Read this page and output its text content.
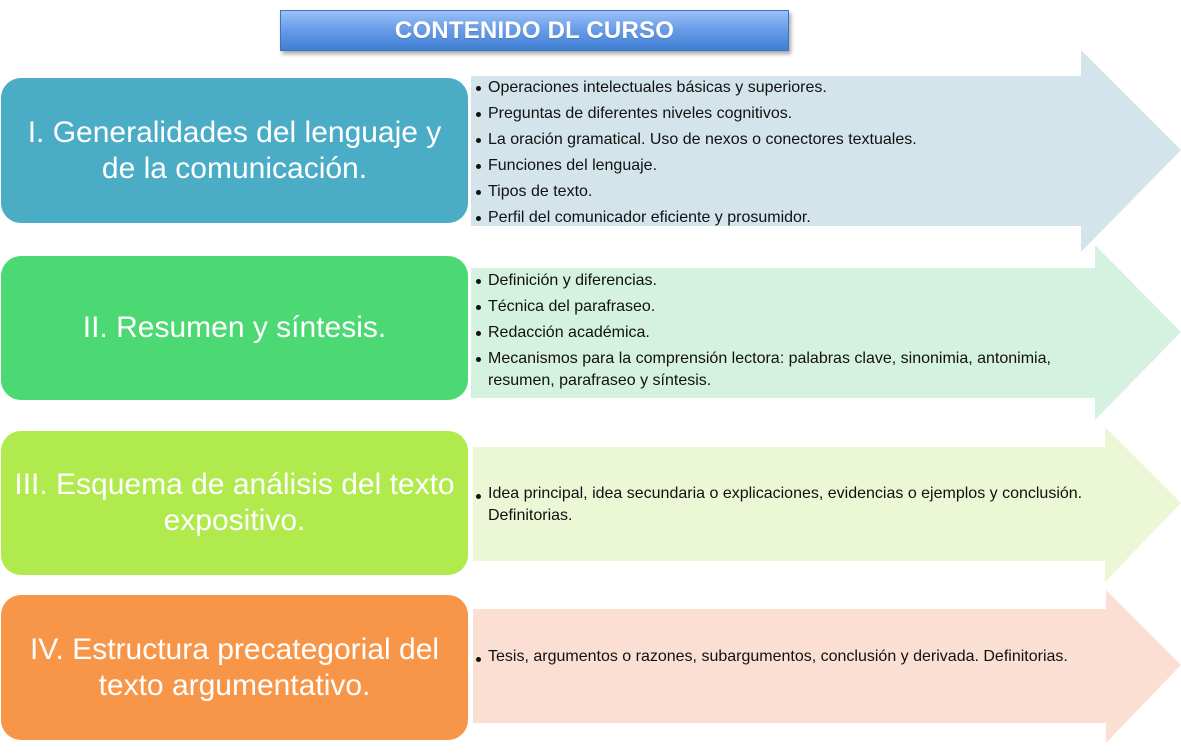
CONTENIDO DL CURSO
I. Generalidades del lenguaje y de la comunicación.
Operaciones intelectuales básicas y superiores.
Preguntas de diferentes niveles cognitivos.
La oración gramatical. Uso de nexos o conectores textuales.
Funciones del lenguaje.
Tipos de texto.
Perfil del comunicador eficiente y prosumidor.
II. Resumen y síntesis.
Definición y diferencias.
Técnica del parafraseo.
Redacción académica.
Mecanismos para la comprensión lectora: palabras clave, sinonimia, antonimia, resumen, parafraseo y síntesis.
III. Esquema de análisis del texto expositivo.
Idea principal, idea secundaria o explicaciones, evidencias o ejemplos y conclusión. Definitorias.
IV. Estructura precategorial del texto argumentativo.
Tesis, argumentos o razones, subargumentos, conclusión y derivada. Definitorias.
